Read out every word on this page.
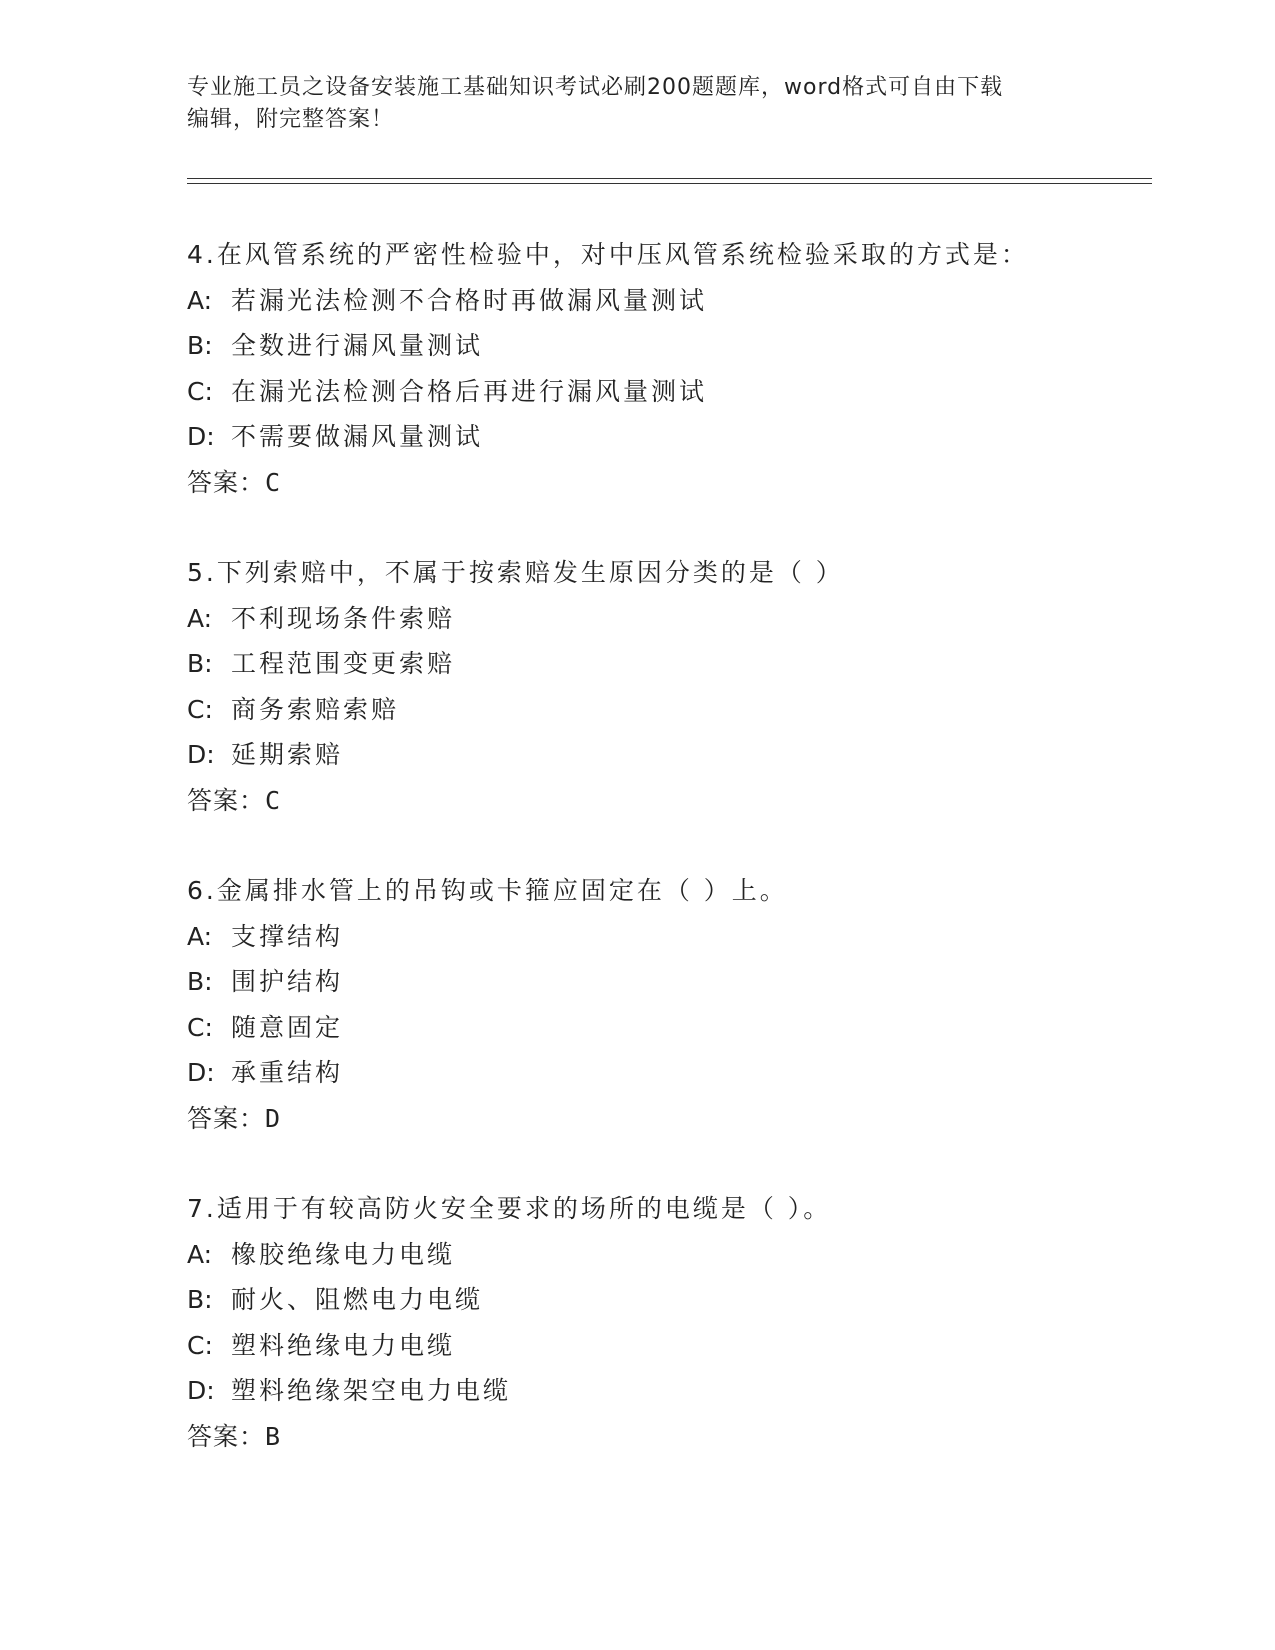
专业施工员之设备安装施工基础知识考试必刷200题题库，word格式可自由下载
编辑，附完整答案！
4.在风管系统的严密性检验中，对中压风管系统检验采取的方式是：
A: 若漏光法检测不合格时再做漏风量测试
B: 全数进行漏风量测试
C: 在漏光法检测合格后再进行漏风量测试
D: 不需要做漏风量测试
答案：C
5.下列索赔中，不属于按索赔发生原因分类的是（ ）
A: 不利现场条件索赔
B: 工程范围变更索赔
C: 商务索赔索赔
D: 延期索赔
答案：C
6.金属排水管上的吊钩或卡箍应固定在（ ）上。
A: 支撑结构
B: 围护结构
C: 随意固定
D: 承重结构
答案：D
7.适用于有较高防火安全要求的场所的电缆是（ ）。
A: 橡胶绝缘电力电缆
B: 耐火、阻燃电力电缆
C: 塑料绝缘电力电缆
D: 塑料绝缘架空电力电缆
答案：B
